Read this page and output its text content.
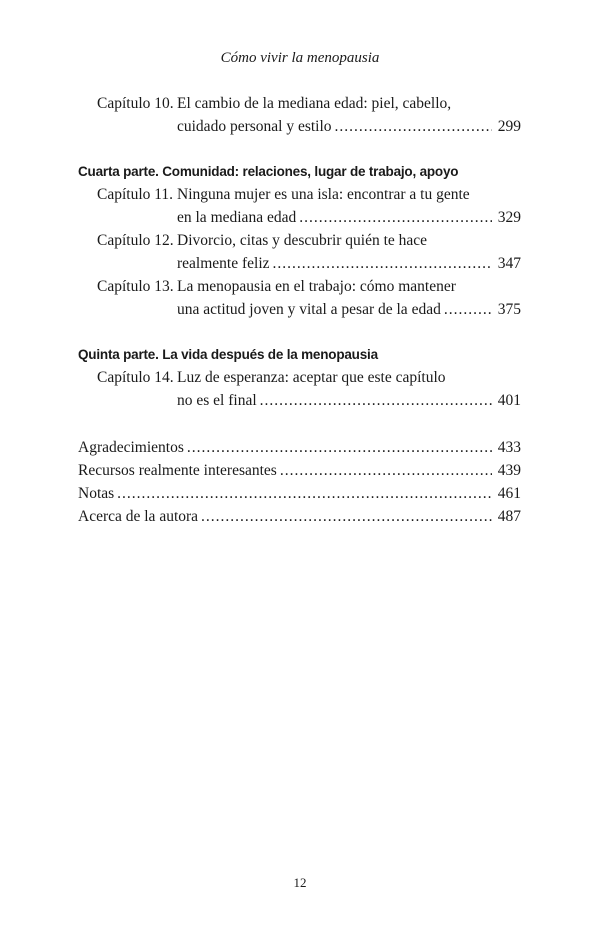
Cómo vivir la menopausia
Capítulo 10. El cambio de la mediana edad: piel, cabello,
cuidado personal y estilo .....	299
Cuarta parte. Comunidad: relaciones, lugar de trabajo, apoyo
Capítulo 11. Ninguna mujer es una isla: encontrar a tu gente
en la mediana edad .....	329
Capítulo 12. Divorcio, citas y descubrir quién te hace
realmente feliz .....	347
Capítulo 13. La menopausia en el trabajo: cómo mantener
una actitud joven y vital a pesar de la edad .....	375
Quinta parte. La vida después de la menopausia
Capítulo 14. Luz de esperanza: aceptar que este capítulo
no es el final .....	401
Agradecimientos .....	433
Recursos realmente interesantes .....	439
Notas .....	461
Acerca de la autora .....	487
12
